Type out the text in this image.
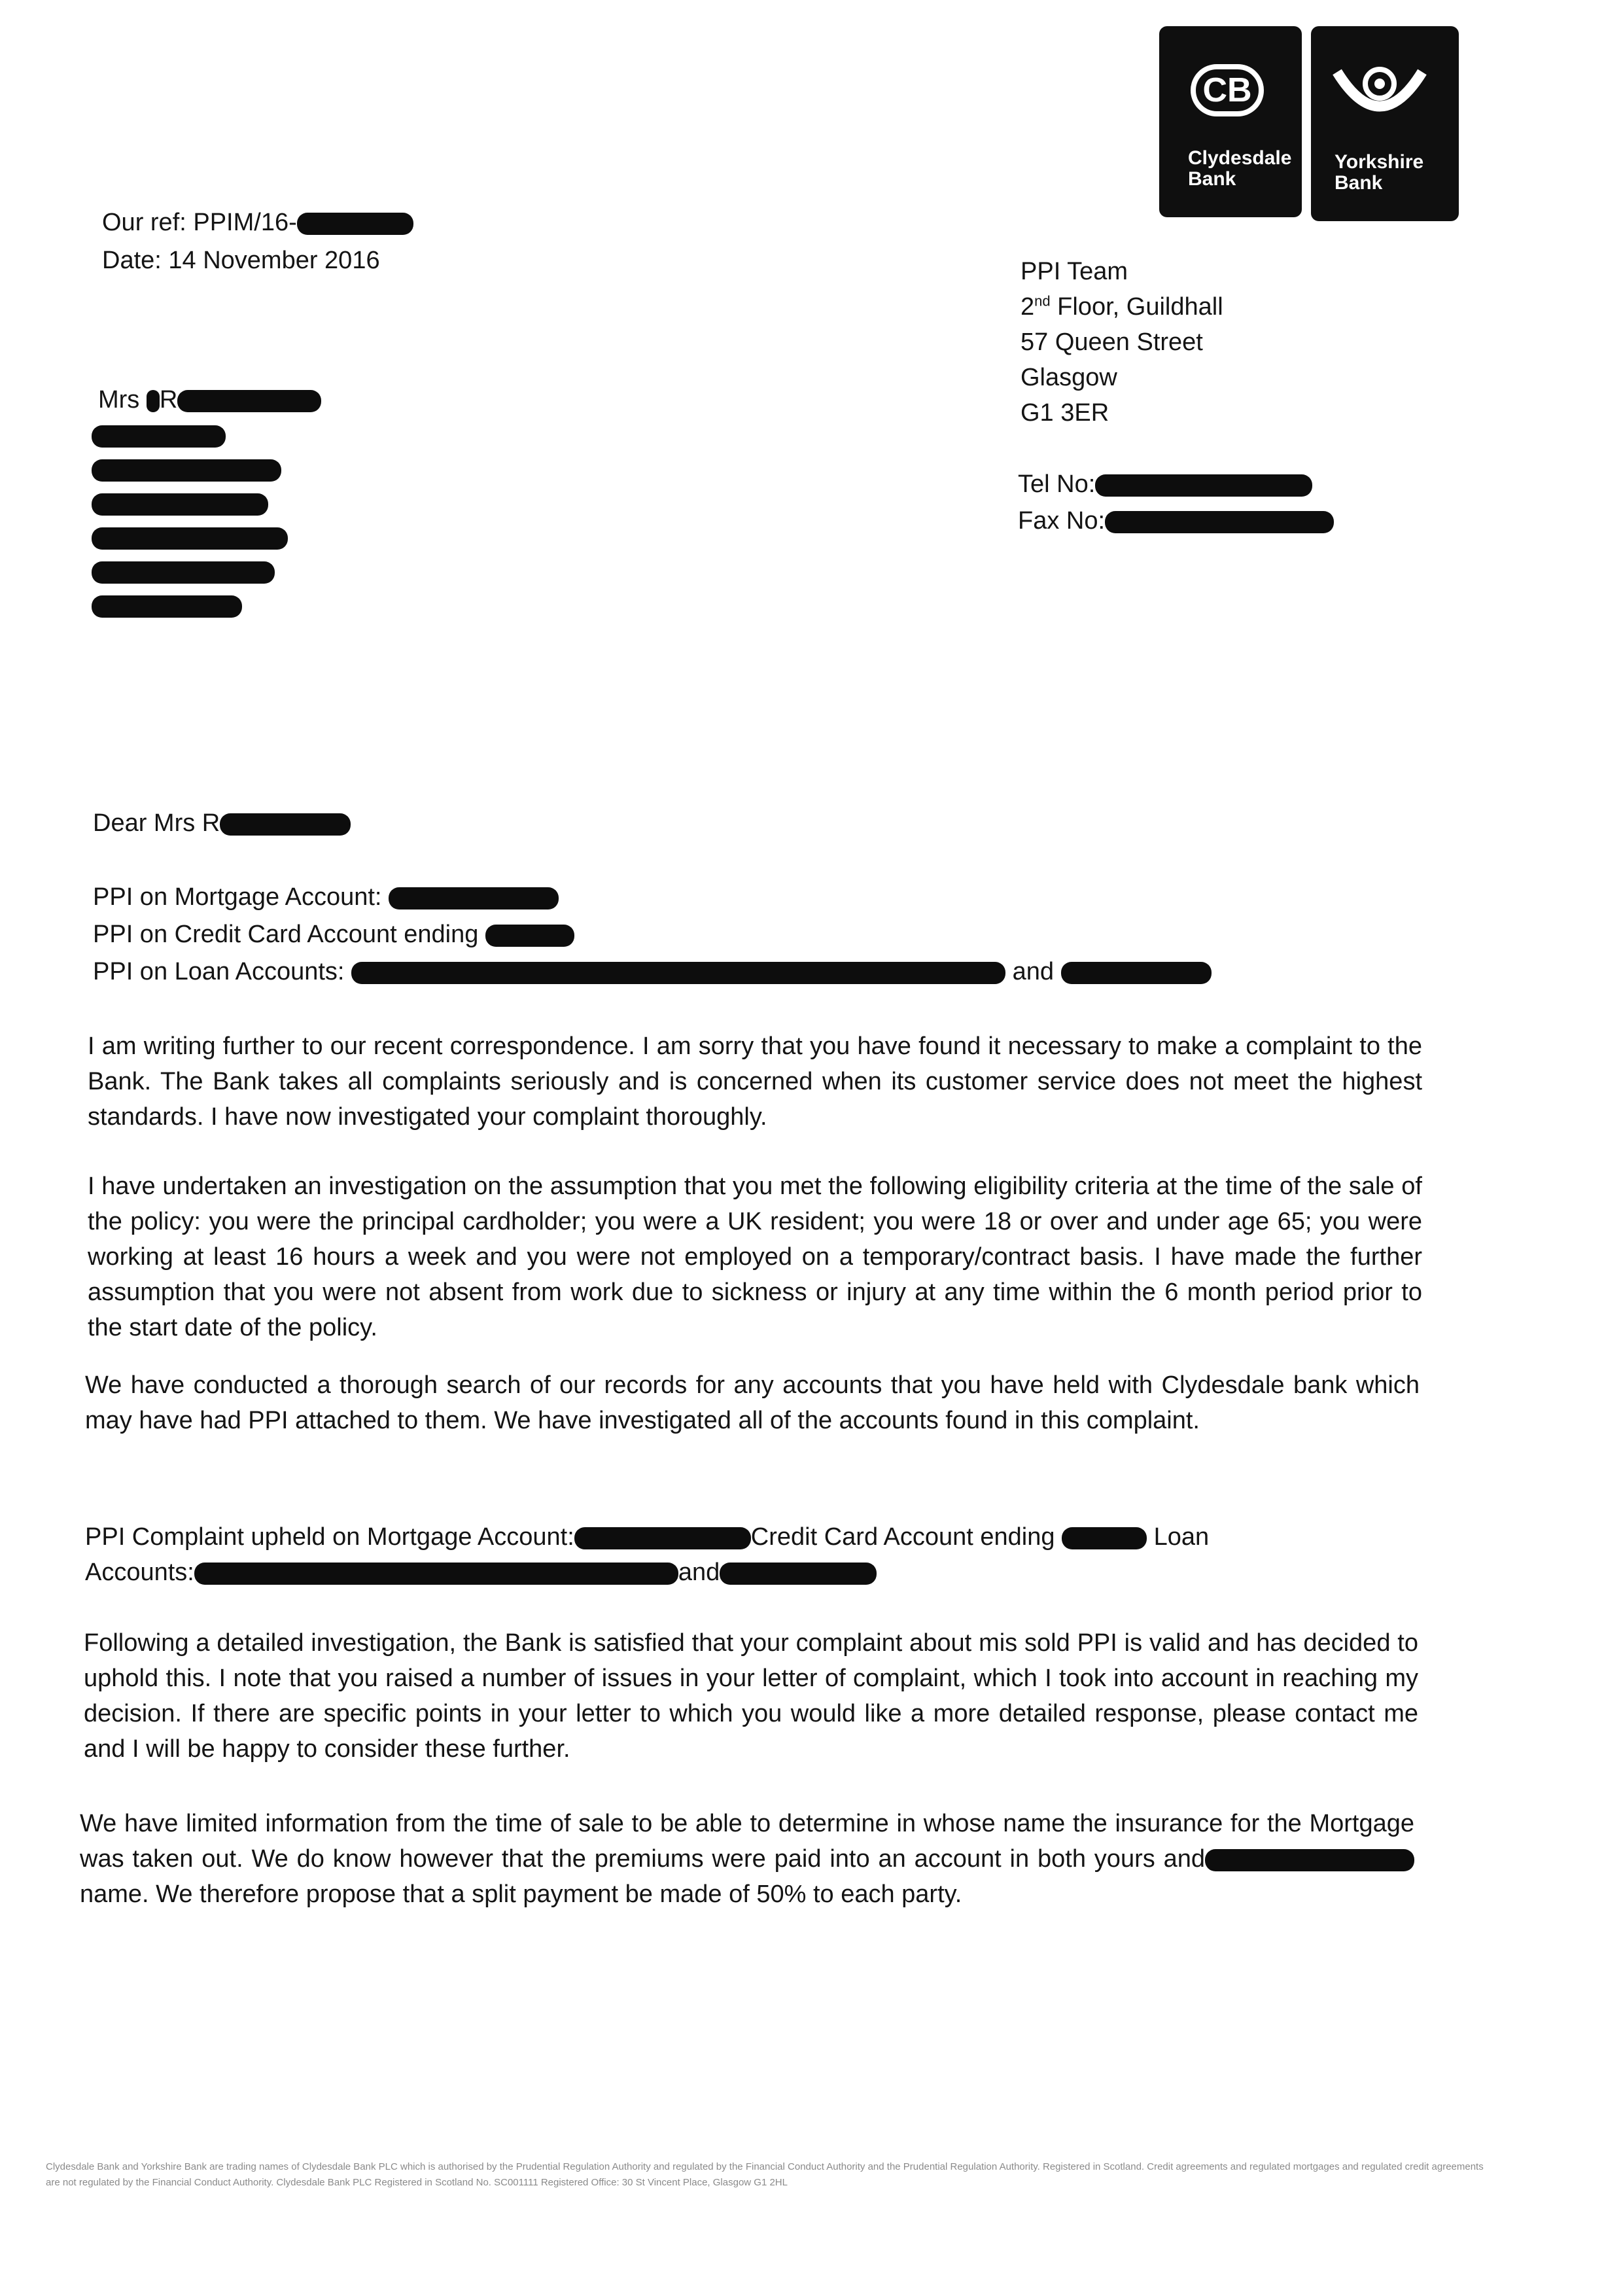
CB
Clydesdale Bank
Yorkshire Bank
Our ref: PPIM/16-
Date: 14 November 2016	PPI Team
2nd Floor, Guildhall
57 Queen Street
Glasgow
G1 3ER
Tel No:
Fax No:
Mrs R
Dear Mrs R
PPI on Mortgage Account:
PPI on Credit Card Account ending
PPI on Loan Accounts:	and
I am writing further to our recent correspondence. I am sorry that you have found it necessary to make a complaint to the Bank. The Bank takes all complaints seriously and is concerned when its customer service does not meet the highest standards. I have now investigated your complaint thoroughly.
I have undertaken an investigation on the assumption that you met the following eligibility criteria at the time of the sale of the policy: you were the principal cardholder; you were a UK resident; you were 18 or over and under age 65; you were working at least 16 hours a week and you were not employed on a temporary/contract basis. I have made the further assumption that you were not absent from work due to sickness or injury at any time within the 6 month period prior to the start date of the policy.
We have conducted a thorough search of our records for any accounts that you have held with Clydesdale bank which may have had PPI attached to them. We have investigated all of the accounts found in this complaint.
PPI Complaint upheld on Mortgage Account:	Credit Card Account ending	Loan
Accounts:	and
Following a detailed investigation, the Bank is satisfied that your complaint about mis sold PPI is valid and has decided to uphold this. I note that you raised a number of issues in your letter of complaint, which I took into account in reaching my decision. If there are specific points in your letter to which you would like a more detailed response, please contact me and I will be happy to consider these further.
We have limited information from the time of sale to be able to determine in whose name the insurance for the Mortgage was taken out. We do know however that the premiums were paid into an account in both yours andname. We therefore propose that a split payment be made of 50% to each party.
Clydesdale Bank and Yorkshire Bank are trading names of Clydesdale Bank PLC which is authorised by the Prudential Regulation Authority and regulated by the Financial Conduct Authority and the Prudential Regulation Authority. Registered in Scotland. Credit agreements and regulated mortgages and regulated credit agreements are not regulated by the Financial Conduct Authority. Clydesdale Bank PLC Registered in Scotland No. SC001111 Registered Office: 30 St Vincent Place, Glasgow G1 2HL
